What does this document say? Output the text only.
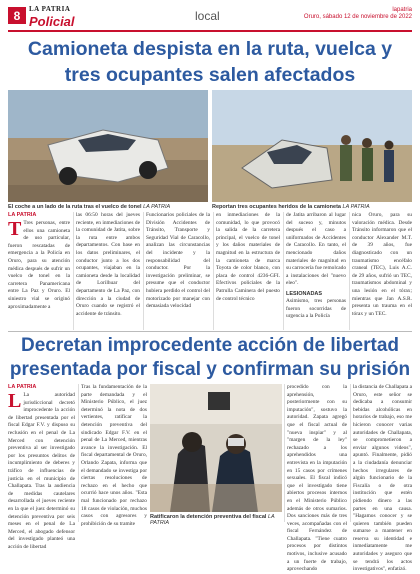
8	LA PATRIA
Policial	local	lapatria
Oruro, sábado 12 de noviembre de 2022
Camioneta despista en la ruta, vuelca y tres ocupantes salen afectados
El coche a un lado de la ruta tras el vuelco de tonel LA PATRIA	Reportan tres ocupantes heridos de la camioneta LA PATRIA
LA PATRIA
T Tres personas, entre ellos una camioneta de uso particular, fueron rescatadas de emergencia a la Policía en Oruro, para su atención médica después de sufrir un vuelco de tonel en la carretera Panamericana entre La Paz y Oruro. El siniestro vial se originó aproximadamente a
las 06:50 horas del jueves reciente, en inmediaciones de la comunidad de Jatita, sobre la ruta entre ambos departamentos. Con base en los datos preliminares, el conductor junto a los dos ocupantes, viajaban en la camioneta desde la localidad de Lorilhuar del departamento de La Paz, con dirección a la ciudad de Oruro cuando se registró el accidente de tránsito.
Funcionarios policiales de la División Accidentes de Tránsito, Transporte y Seguridad Vial de Caracollo, analizan las circunstancias del incidente y la responsabilidad del conductor. Por la investigación preliminar, se presume que el conductor hubiera perdido el control del motorizado por manejar con demasiada velocidad
en inmediaciones de la comunidad, lo que provocó la salida de la carretera principal, el vuelco de tonel y los daños materiales de magnitud en la estructura de la camioneta de marca Toyota de color blanco, con placa de control 4236-GFI. Efectivos policiales de la Patrulla Caminera del puesto de control técnico
de Jatita arribaron al lugar del suceso y, minutos después el caso a uniformados de Accidentes de Caracollo. En tanto, el mencionado daños materiales de magnitud en su carrocería fue remolcado a instalaciones del "nuevo eleo".
LESIONADAS
Asimismo, tres personas fueron socorridas de urgencia a la Policía
nica Oruro, para su valoración médica. Desde Tránsito informaron que el conductor Alexander M.T. de 39 años, fue diagnosticado con un traumatismo encéfalo craneal (TEC), Luis A.C. de 29 años, sufrió un TEC, traumatismos abdominal y una lesión en el tórax; mientras que Jan A.S.R. presenta un trauma en el tórax y un TEC.
Decretan improcedente acción de libertad presentada por fiscal y confirman su prisión
LA PATRIA
L La autoridad jurisdiccional decretó improcedente la acción de libertad presentada por el fiscal Edgar F.V. y dispuso su reclusión en el penal de La Merced con detención preventiva al ser investigado por los presuntos delitos de incumplimiento de deberes y tráfico de influencias de justicia en el municipio de Challapata. Tras la audiencia de medidas cautelares desarrollada el jueves reciente en la que el juez determinó su detención preventiva por seis meses en el penal de La Merced, el abogado defensor del investigado planteó una acción de libertad
Tras la fundamentación de la parte demandada y el Ministerio Público, el juez determinó la nota de dos vertientes, ratificar la detención preventiva del sindicado Edgar F.V. en el penal de La Merced, mientras avance la investigación. El fiscal departamental de Oruro, Orlando Zapata, informa que el demandado se investiga por ciertas resoluciones de rechazo en el hecho que ocurrió hace unos años. "Esta mal funcionado por rechazo 18 casos de violación, muchos casos con agresores y prohibición de su tramite
Ratificaron la detención preventiva del fiscal LA PATRIA
procedido con la aprehensión, posteriormente con su imputación", sostuvo la autoridad. Zapata agregó que el fiscal actual de "nueva inspiar" y al "margen de la ley" rechazado a los aprehendidos una entrevista en la imputación en 15 casos por crímenes sexuales. El fiscal indicó que el investigado tiene abiertos procesos internos en el Ministerio Público además de otros sumarios. Dos sanciones más de tres veces, acompañadas con el fiscal Fernández de Challapata. "Tiene cuatro procesos por distintos motivos, inclusive acusado a un fuerte de trabajo, aprovechando
la distancia de Challapata a Oruro, este señor se dedicaba a consumir bebidas alcohólicas en horarios de trabajo, eso me hicieron conocer varias autoridades de Challapata, se comprometieron a enviar algunos videos", apuntó. Finalmente, pidió a la ciudadanía denunciar hechos irregulares de algún funcionario de la Fiscalía o de otra institución que estén pidiendo dinero a las partes en una causa. "Hagamos conocer y se quieren también pueden sumarse a mantener en reserva su identidad e inmediatamente me autoridades y aseguro que se tendrá los actos investigativos", enfatizó.
